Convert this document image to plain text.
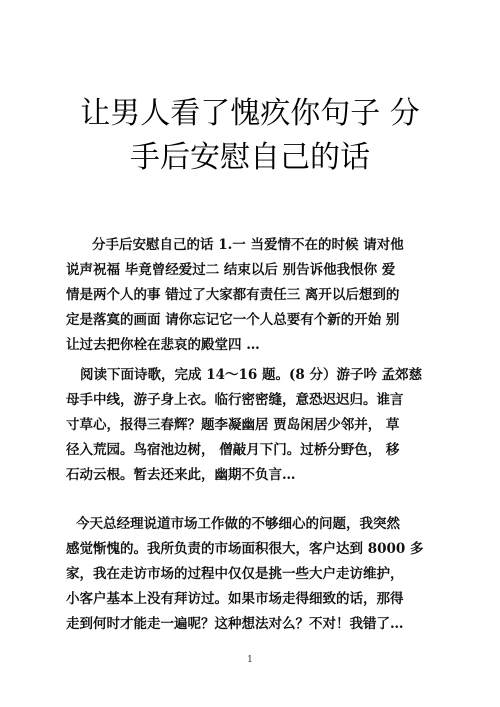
让男人看了愧疚你句子 分
手后安慰自己的话
分手后安慰自己的话 1.一 当爱情不在的时候 请对他
说声祝福 毕竟曾经爱过二 结束以后 别告诉他我恨你 爱
情是两个人的事 错过了大家都有责任三 离开以后想到的
定是落寞的画面 请你忘记它一个人总要有个新的开始 别
让过去把你栓在悲哀的殿堂四 …
阅读下面诗歌，完成 14～16 题。(8 分）游子吟 孟郊慈
母手中线，游子身上衣。临行密密缝，意恐迟迟归。谁言
寸草心，报得三春辉？题李凝幽居 贾岛闲居少邻并， 草
径入荒园。鸟宿池边树， 僧敲月下门。过桥分野色， 移
石动云根。暂去还来此，幽期不负言…
今天总经理说道市场工作做的不够细心的问题，我突然
感觉惭愧的。我所负责的市场面积很大，客户达到 8000 多
家，我在走访市场的过程中仅仅是挑一些大户走访维护，
小客户基本上没有拜访过。如果市场走得细致的话，那得
走到何时才能走一遍呢？这种想法对么？不对！我错了…
1
